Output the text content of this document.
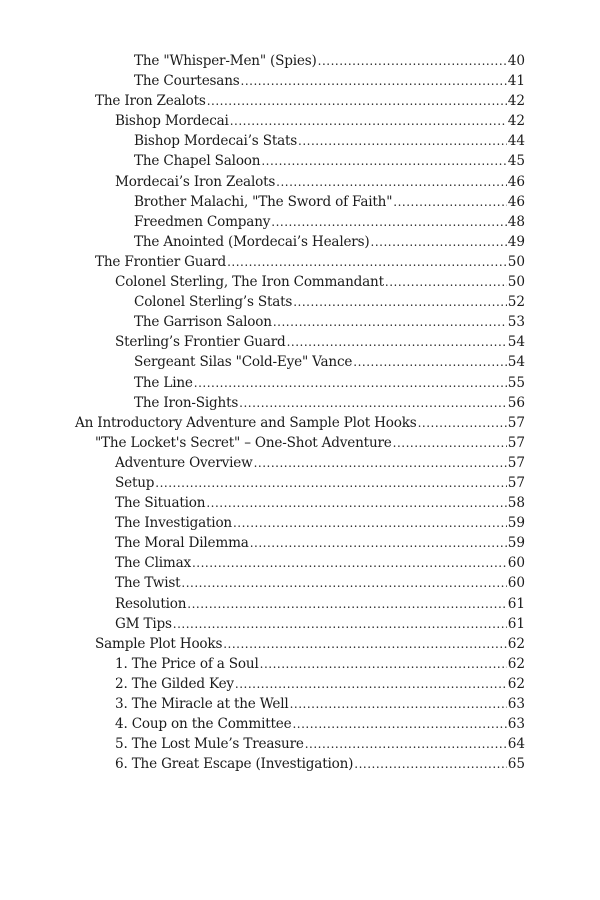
The "Whisper-Men" (Spies) .....	40
The Courtesans .....	41
The Iron Zealots .....	42
Bishop Mordecai .....	42
Bishop Mordecai’s Stats .....	44
The Chapel Saloon .....	45
Mordecai’s Iron Zealots .....	46
Brother Malachi, "The Sword of Faith" .....	46
Freedmen Company .....	48
The Anointed (Mordecai’s Healers) .....	49
The Frontier Guard .....	50
Colonel Sterling, The Iron Commandant .....	50
Colonel Sterling’s Stats .....	52
The Garrison Saloon .....	53
Sterling’s Frontier Guard .....	54
Sergeant Silas "Cold-Eye" Vance .....	54
The Line .....	55
The Iron-Sights .....	56
An Introductory Adventure and Sample Plot Hooks .....	57
"The Locket's Secret" – One-Shot Adventure .....	57
Adventure Overview .....	57
Setup .....	57
The Situation .....	58
The Investigation .....	59
The Moral Dilemma .....	59
The Climax .....	60
The Twist .....	60
Resolution .....	61
GM Tips .....	61
Sample Plot Hooks .....	62
1. The Price of a Soul .....	62
2. The Gilded Key .....	62
3. The Miracle at the Well .....	63
4. Coup on the Committee .....	63
5. The Lost Mule’s Treasure .....	64
6. The Great Escape (Investigation) .....	65
